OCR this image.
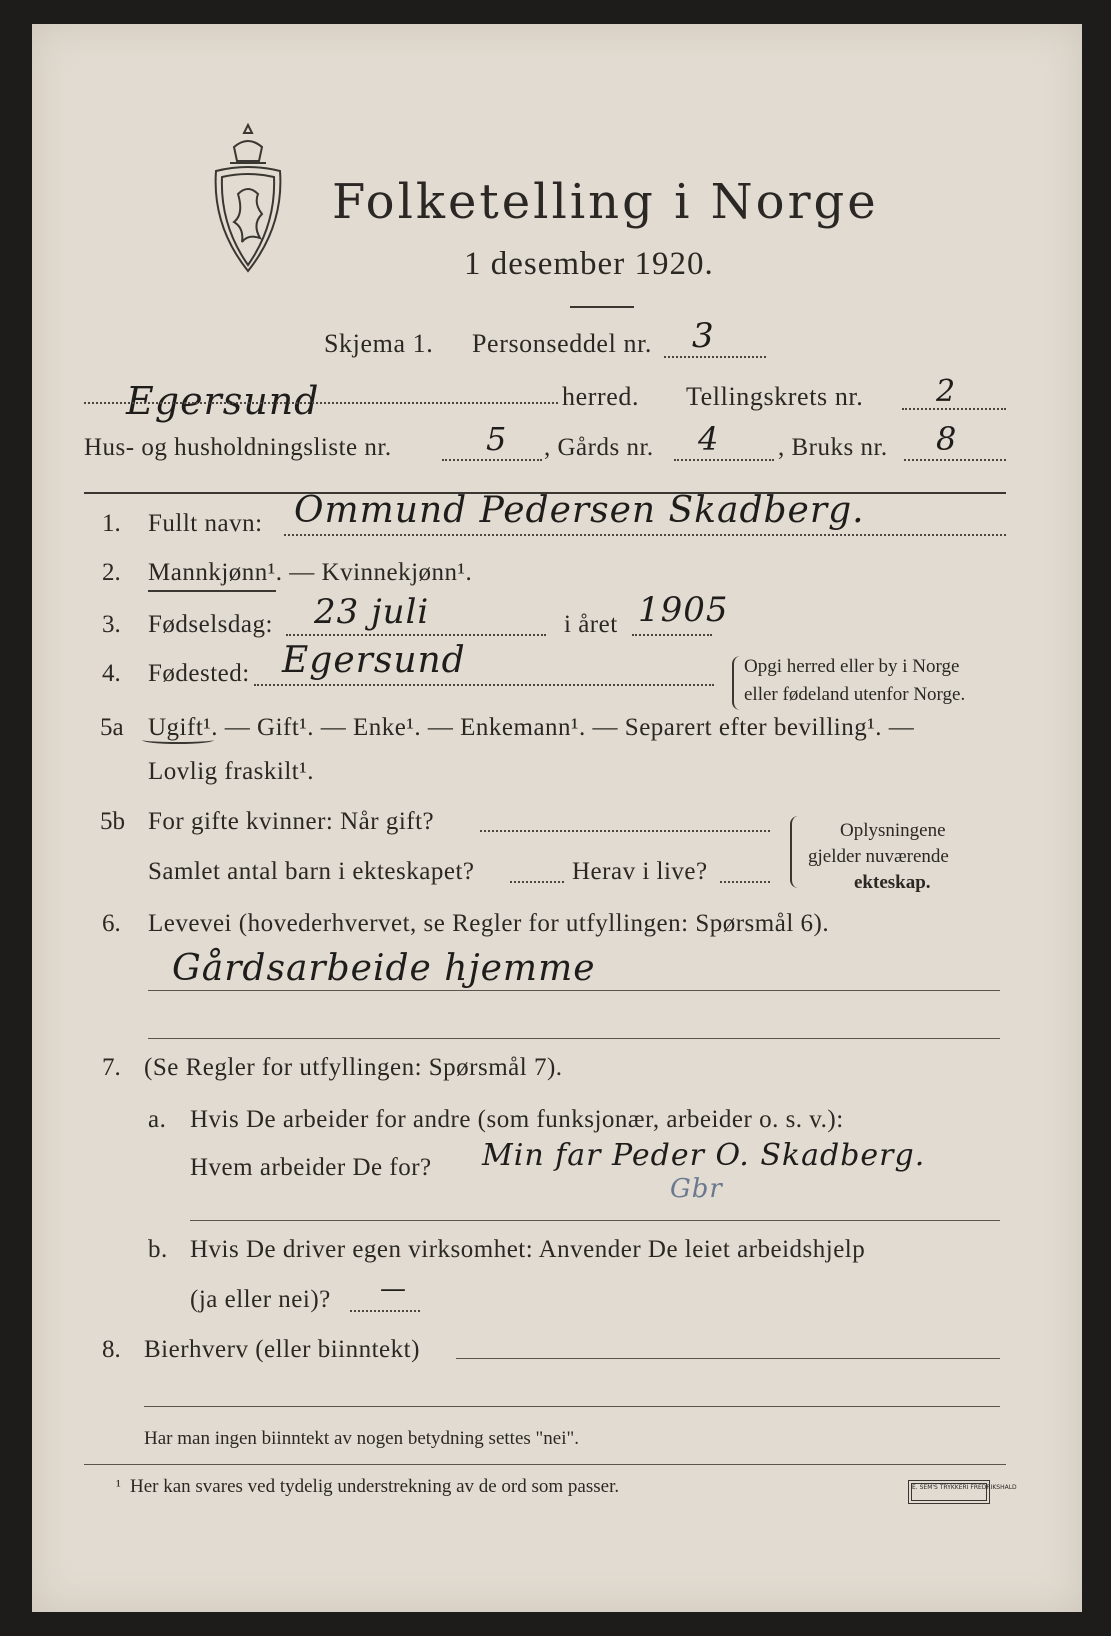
Folketelling i Norge
1 desember 1920.
Skjema 1. Personseddel nr. 3
Egersund	herred. Tellingskrets nr. 2
Hus- og husholdningsliste nr.	5 , Gårds nr. 4 , Bruks nr. 8
1. Fullt navn: Ommund Pedersen Skadberg.
2. Mannkjønn¹. — Kvinnekjønn¹.
3. Fødselsdag: 23 juli	i året 1905
4. Fødested: Egersund	Opgi herred eller by i Norge
eller fødeland utenfor Norge.
5a Ugift¹. — Gift¹. — Enke¹. — Enkemann¹. — Separert efter bevilling¹. —
Lovlig fraskilt¹.
5b For gifte kvinner: Når gift?
Samlet antal barn i ekteskapet?	Herav i live?
Oplysningene
gjelder nuværende
ekteskap.
6. Levevei (hovederhvervet, se Regler for utfyllingen: Spørsmål 6).
Gårdsarbeide hjemme
7. (Se Regler for utfyllingen: Spørsmål 7).
a. Hvis De arbeider for andre (som funksjonær, arbeider o. s. v.):
Hvem arbeider De for? Min far Peder O. Skadberg.
Gbr
b. Hvis De driver egen virksomhet: Anvender De leiet arbeidshjelp
(ja eller nei)? —
8. Bierhverv (eller biinntekt)
Har man ingen biinntekt av nogen betydning settes "nei".
¹ Her kan svares ved tydelig understrekning av de ord som passer.	E. SEM'S TRYKKERI FREDRIKSHALD
